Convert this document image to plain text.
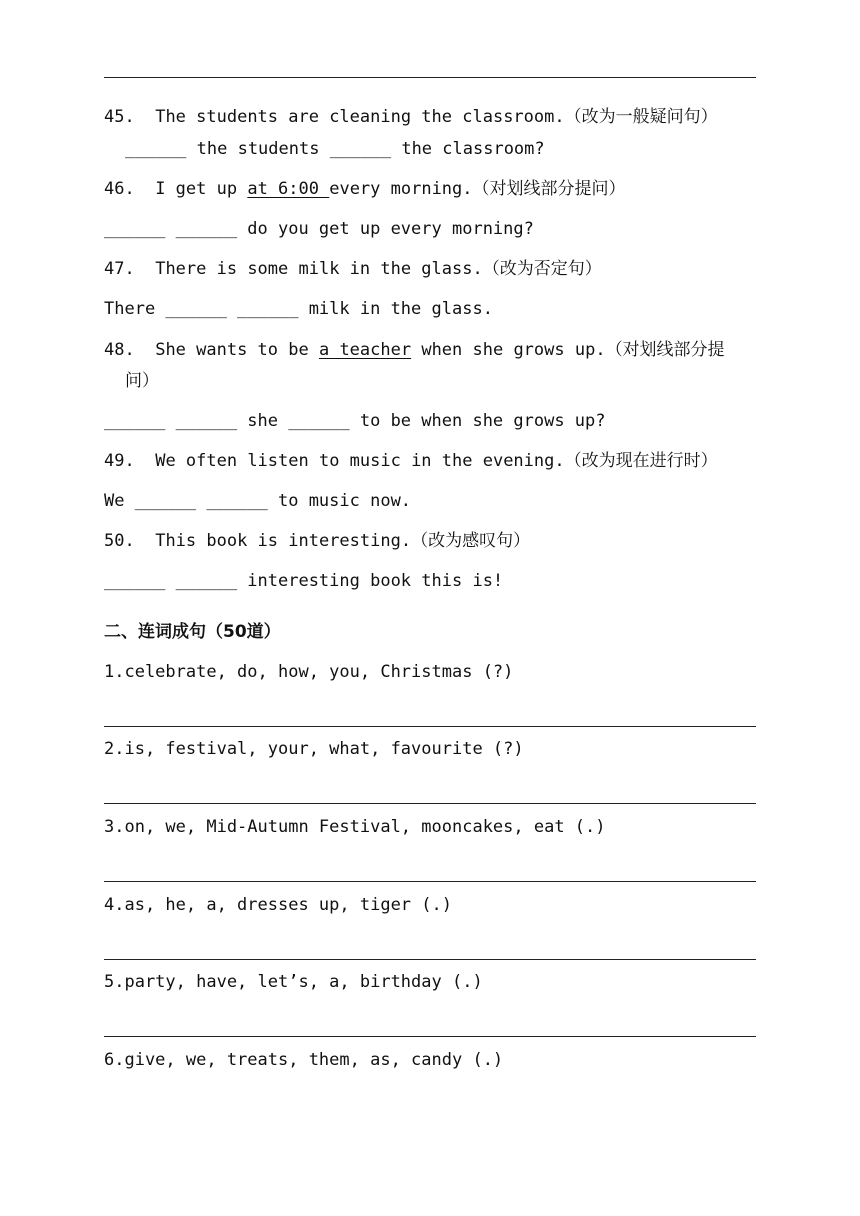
45. The students are cleaning the classroom.（改为一般疑问句）
______ the students ______ the classroom?
46. I get up at 6:00 every morning.（对划线部分提问）
______ ______ do you get up every morning?
47. There is some milk in the glass.（改为否定句）
There ______ ______ milk in the glass.
48. She wants to be a teacher when she grows up.（对划线部分提
问）
______ ______ she ______ to be when she grows up?
49. We often listen to music in the evening.（改为现在进行时）
We ______ ______ to music now.
50. This book is interesting.（改为感叹句）
______ ______ interesting book this is!
二、连词成句（50道）
1.celebrate, do, how, you, Christmas (?)
2.is, festival, your, what, favourite (?)
3.on, we, Mid-Autumn Festival, mooncakes, eat (.)
4.as, he, a, dresses up, tiger (.)
5.party, have, let’s, a, birthday (.)
6.give, we, treats, them, as, candy (.)
